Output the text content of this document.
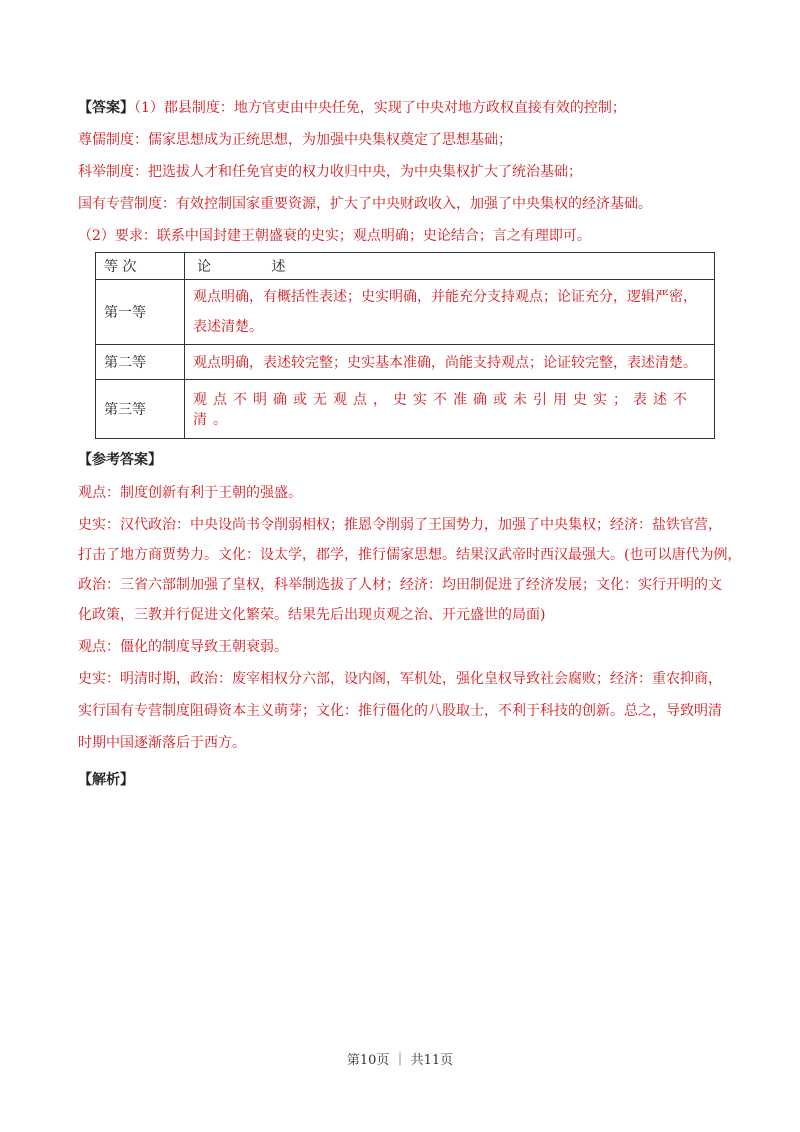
【答案】（1）郡县制度：地方官吏由中央任免，实现了中央对地方政权直接有效的控制；
尊儒制度：儒家思想成为正统思想，为加强中央集权奠定了思想基础；
科举制度：把选拔人才和任免官吏的权力收归中央，为中央集权扩大了统治基础；
国有专营制度：有效控制国家重要资源，扩大了中央财政收入，加强了中央集权的经济基础。
（2）要求：联系中国封建王朝盛衰的史实；观点明确；史论结合；言之有理即可。
等 次	论 述
第一等	观点明确，有概括性表述；史实明确，并能充分支持观点；论证充分，逻辑严密，
表述清楚。

第二等	观点明确，表述较完整；史实基本准确，尚能支持观点；论证较完整，表述清楚。

第三等	观点不明确或无观点，史实不准确或未引用史实；表述不清。
【参考答案】
观点：制度创新有利于王朝的强盛。
史实：汉代政治：中央设尚书令削弱相权；推恩令削弱了王国势力，加强了中央集权；经济：盐铁官营，
打击了地方商贾势力。文化：设太学，郡学，推行儒家思想。结果汉武帝时西汉最强大。(也可以唐代为例，
政治：三省六部制加强了皇权，科举制选拔了人材；经济：均田制促进了经济发展；文化：实行开明的文
化政策，三教并行促进文化繁荣。结果先后出现贞观之治、开元盛世的局面)
观点：僵化的制度导致王朝衰弱。
史实：明清时期，政治：废宰相权分六部，设内阁，军机处，强化皇权导致社会腐败；经济：重农抑商，
实行国有专营制度阻碍资本主义萌芽；文化：推行僵化的八股取士，不利于科技的创新。总之，导致明清
时期中国逐渐落后于西方。
【解析】
第10页 ｜ 共11页
